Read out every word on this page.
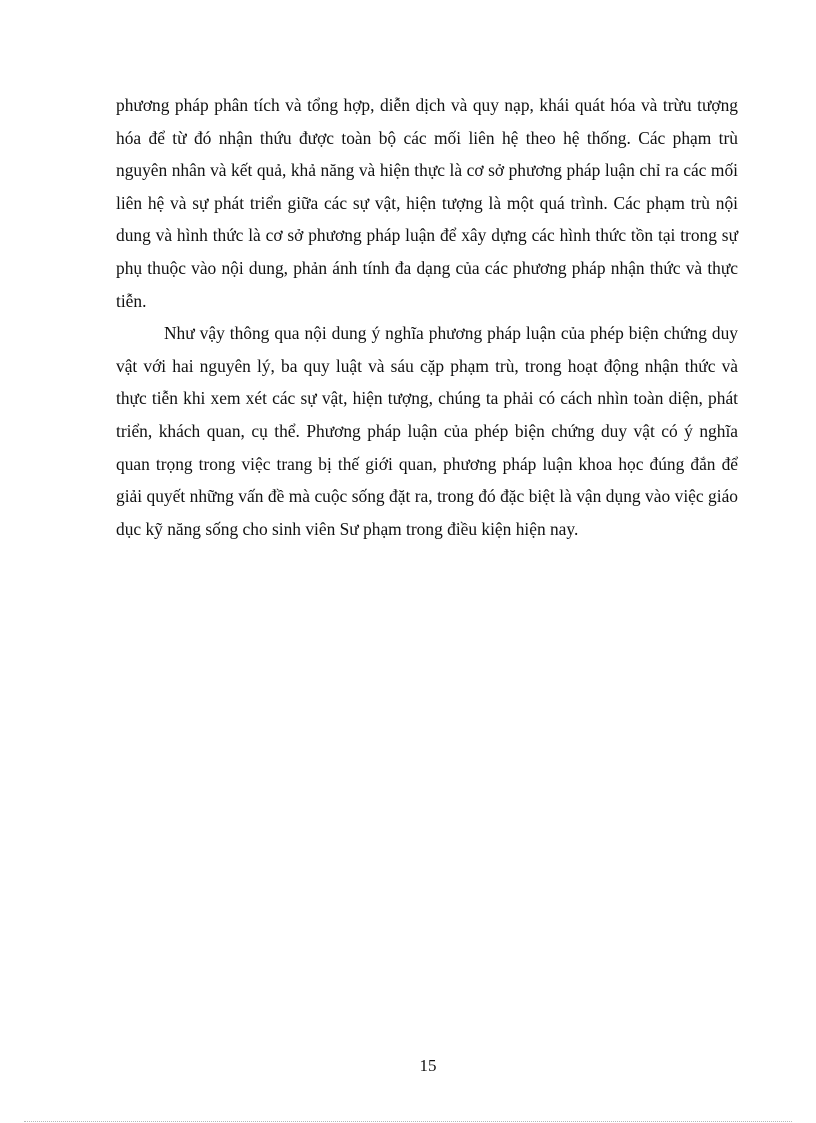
phương pháp phân tích và tổng hợp, diễn dịch và quy nạp, khái quát hóa và trừu tượng hóa để từ đó nhận thứu được toàn bộ các mối liên hệ theo hệ thống. Các phạm trù nguyên nhân và kết quả, khả năng và hiện thực là cơ sở phương pháp luận chỉ ra các mối liên hệ và sự phát triển giữa các sự vật, hiện tượng là một quá trình. Các phạm trù nội dung và hình thức là cơ sở phương pháp luận để xây dựng các hình thức tồn tại trong sự phụ thuộc vào nội dung, phản ánh tính đa dạng của các phương pháp nhận thức và thực tiễn.

Như vậy thông qua nội dung ý nghĩa phương pháp luận của phép biện chứng duy vật với hai nguyên lý, ba quy luật và sáu cặp phạm trù, trong hoạt động nhận thức và thực tiễn khi xem xét các sự vật, hiện tượng, chúng ta phải có cách nhìn toàn diện, phát triển, khách quan, cụ thể. Phương pháp luận của phép biện chứng duy vật có ý nghĩa quan trọng trong việc trang bị thế giới quan, phương pháp luận khoa học đúng đắn để giải quyết những vấn đề mà cuộc sống đặt ra, trong đó đặc biệt là vận dụng vào việc giáo dục kỹ năng sống cho sinh viên Sư phạm trong điều kiện hiện nay.

15
